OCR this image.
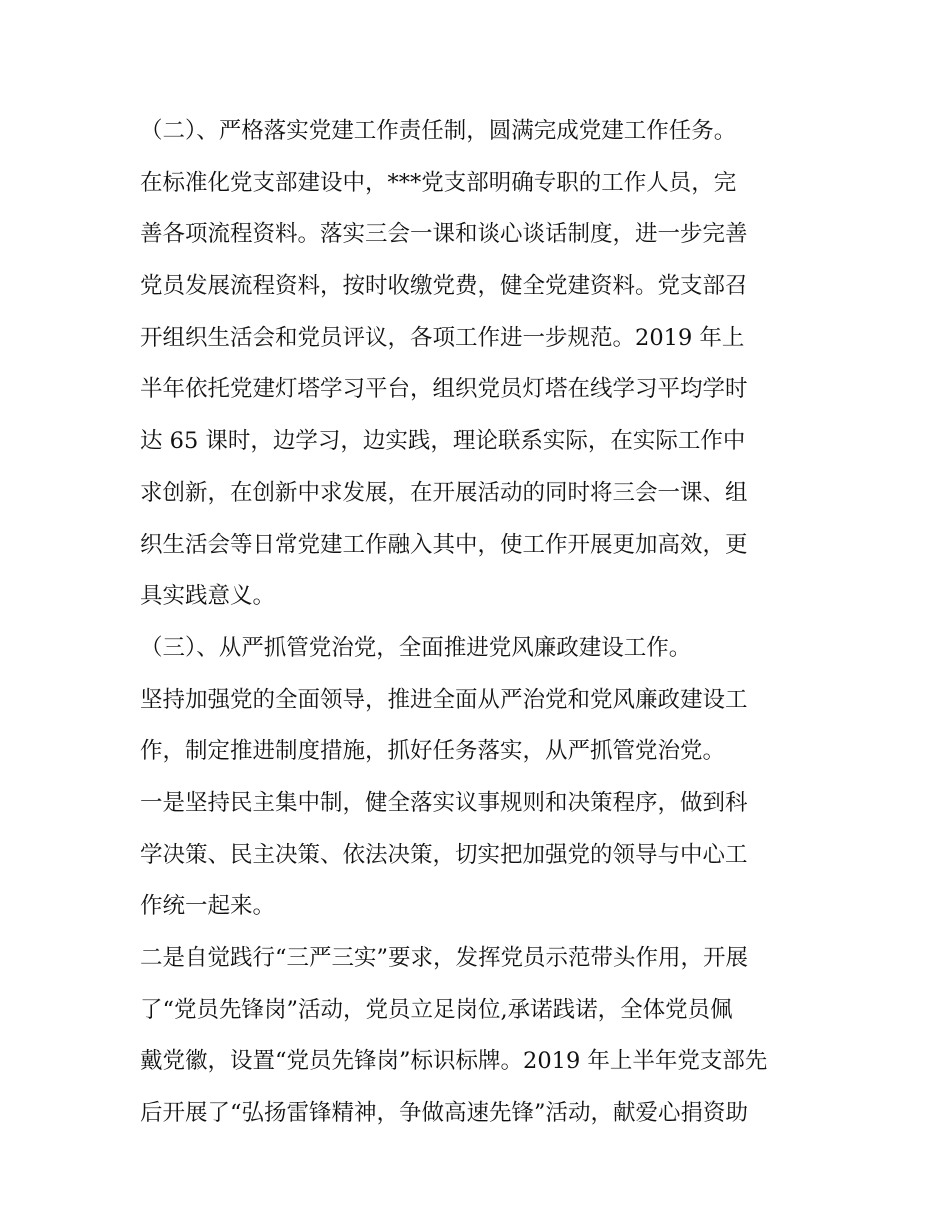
（二）、严格落实党建工作责任制，圆满完成党建工作任务。
在标准化党支部建设中，***党支部明确专职的工作人员，完
善各项流程资料。落实三会一课和谈心谈话制度，进一步完善
党员发展流程资料，按时收缴党费，健全党建资料。党支部召
开组织生活会和党员评议，各项工作进一步规范。2019 年上
半年依托党建灯塔学习平台，组织党员灯塔在线学习平均学时
达 65 课时，边学习，边实践，理论联系实际，在实际工作中
求创新，在创新中求发展，在开展活动的同时将三会一课、组
织生活会等日常党建工作融入其中，使工作开展更加高效，更
具实践意义。
（三）、从严抓管党治党，全面推进党风廉政建设工作。
坚持加强党的全面领导，推进全面从严治党和党风廉政建设工
作，制定推进制度措施，抓好任务落实，从严抓管党治党。
一是坚持民主集中制，健全落实议事规则和决策程序，做到科
学决策、民主决策、依法决策，切实把加强党的领导与中心工
作统一起来。
二是自觉践行“三严三实”要求，发挥党员示范带头作用，开展
了“党员先锋岗”活动，党员立足岗位,承诺践诺，全体党员佩
戴党徽，设置“党员先锋岗”标识标牌。2019 年上半年党支部先
后开展了“弘扬雷锋精神，争做高速先锋”活动，献爱心捐资助
